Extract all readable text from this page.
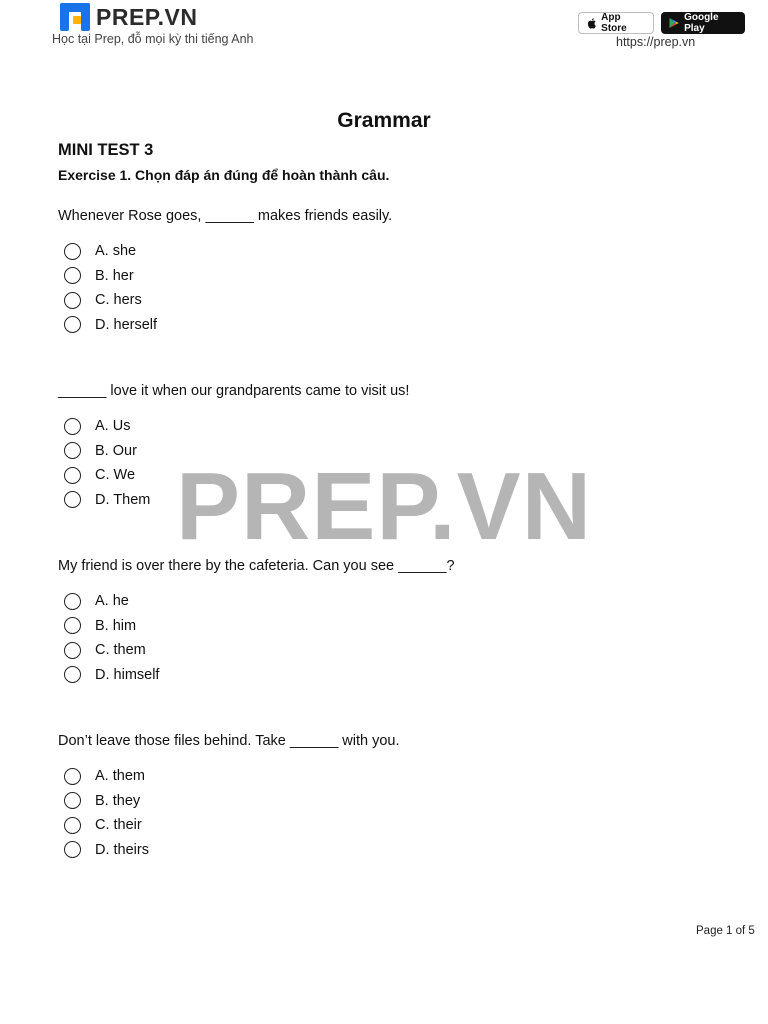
PREP.VN
Học tại Prep, đỗ mọi kỳ thi tiếng Anh
App Store
Google Play
https://prep.vn
Grammar
MINI TEST 3
Exercise 1. Chọn đáp án đúng để hoàn thành câu.
Whenever Rose goes, ______ makes friends easily.
A. she
B. her
C. hers
D. herself
______ love it when our grandparents came to visit us!
A. Us
B. Our
C. We
D. Them
My friend is over there by the cafeteria. Can you see ______?
A. he
B. him
C. them
D. himself
Don’t leave those files behind. Take ______ with you.
A. them
B. they
C. their
D. theirs
PREP.VN
Page 1 of 5
